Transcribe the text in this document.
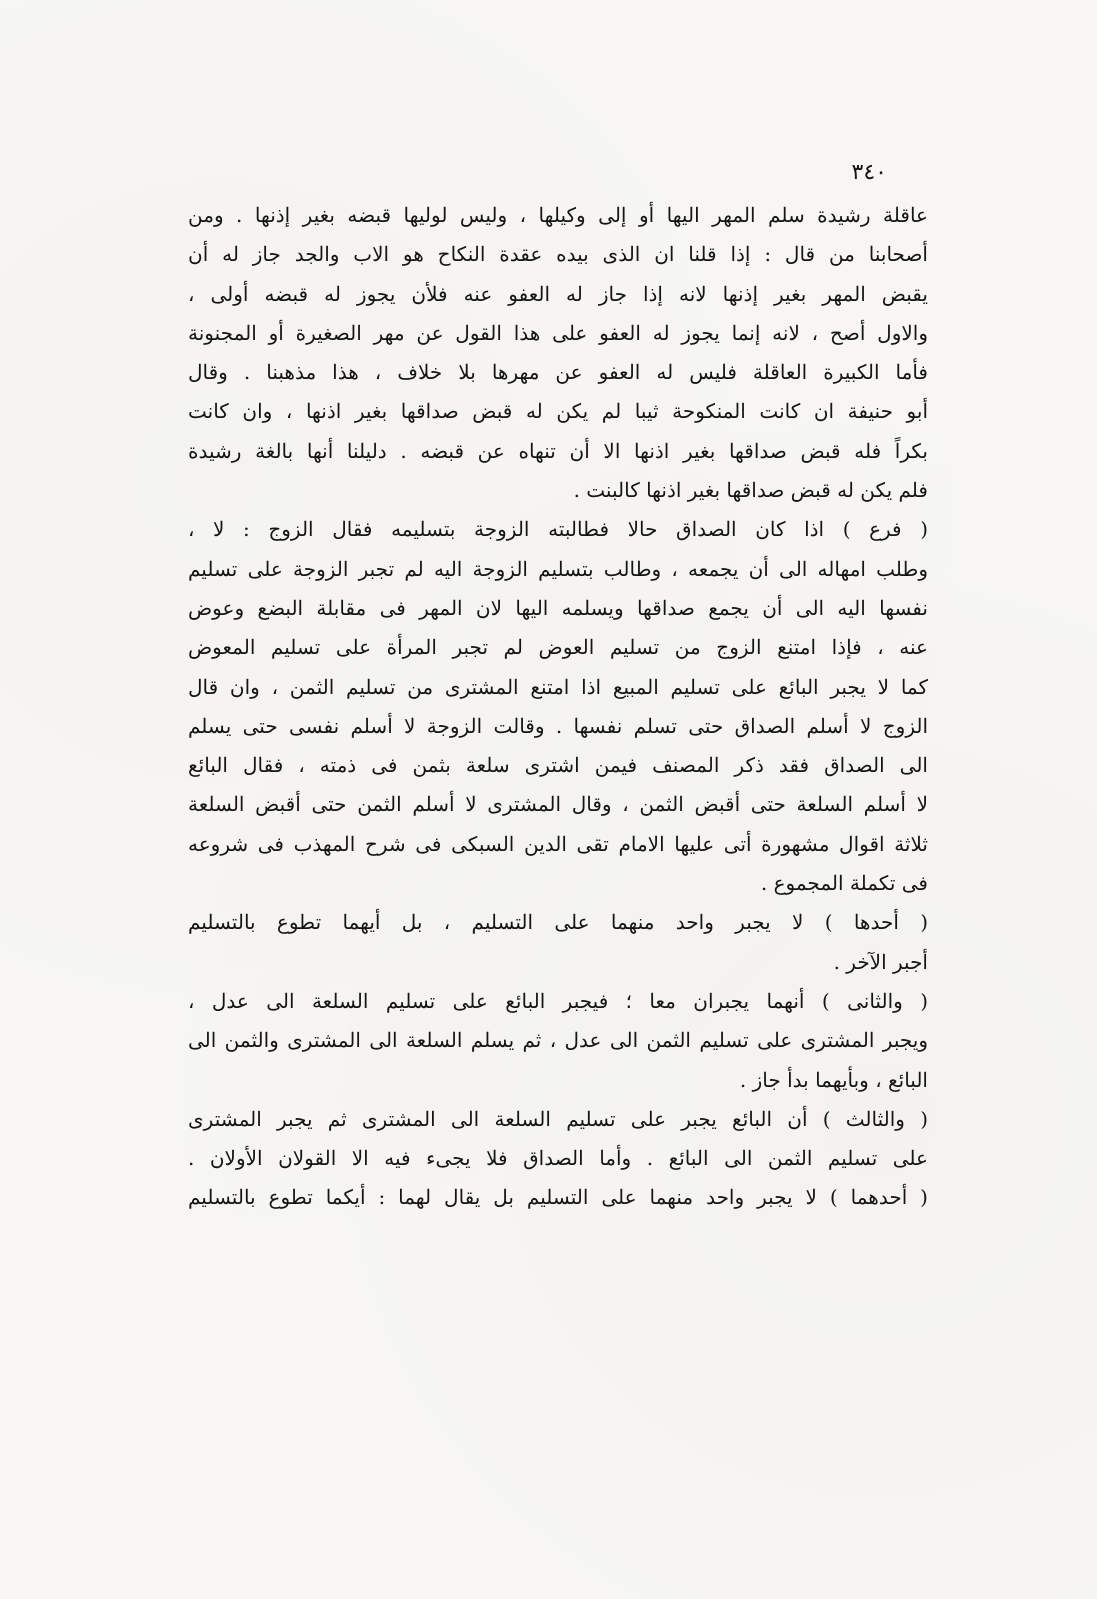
٣٤٠
عاقلة رشيدة سلم المهر اليها أو إلى وكيلها ، وليس لوليها قبضه بغير إذنها . ومن
أصحابنا من قال : إذا قلنا ان الذى بيده عقدة النكاح هو الاب والجد جاز له أن
يقبض المهر بغير إذنها لانه إذا جاز له العفو عنه فلأن يجوز له قبضه أولى ،
والاول أصح ، لانه إنما يجوز له العفو على هذا القول عن مهر الصغيرة أو المجنونة
فأما الكبيرة العاقلة فليس له العفو عن مهرها بلا خلاف ، هذا مذهبنا . وقال
أبو حنيفة ان كانت المنكوحة ثيبا لم يكن له قبض صداقها بغير اذنها ، وان كانت
بكراً فله قبض صداقها بغير اذنها الا أن تنهاه عن قبضه . دليلنا أنها بالغة رشيدة
فلم يكن له قبض صداقها بغير اذنها كالبنت .
( فرع ) اذا كان الصداق حالا فطالبته الزوجة بتسليمه فقال الزوج : لا ،
وطلب امهاله الى أن يجمعه ، وطالب بتسليم الزوجة اليه لم تجبر الزوجة على تسليم
نفسها اليه الى أن يجمع صداقها ويسلمه اليها لان المهر فى مقابلة البضع وعوض
عنه ، فإذا امتنع الزوج من تسليم العوض لم تجبر المرأة على تسليم المعوض
كما لا يجبر البائع على تسليم المبيع اذا امتنع المشترى من تسليم الثمن ، وان قال
الزوج لا أسلم الصداق حتى تسلم نفسها . وقالت الزوجة لا أسلم نفسى حتى يسلم
الى الصداق فقد ذكر المصنف فيمن اشترى سلعة بثمن فى ذمته ، فقال البائع
لا أسلم السلعة حتى أقبض الثمن ، وقال المشترى لا أسلم الثمن حتى أقبض السلعة
ثلاثة اقوال مشهورة أتى عليها الامام تقى الدين السبكى فى شرح المهذب فى شروعه
فى تكملة المجموع .
( أحدها ) لا يجبر واحد منهما على التسليم ، بل أيهما تطوع بالتسليم
أجبر الآخر .
( والثانى ) أنهما يجبران معا ؛ فيجبر البائع على تسليم السلعة الى عدل ،
ويجبر المشترى على تسليم الثمن الى عدل ، ثم يسلم السلعة الى المشترى والثمن الى
البائع ، وبأيهما بدأ جاز .
( والثالث ) أن البائع يجبر على تسليم السلعة الى المشترى ثم يجبر المشترى
على تسليم الثمن الى البائع . وأما الصداق فلا يجىء فيه الا القولان الأولان .
( أحدهما ) لا يجبر واحد منهما على التسليم بل يقال لهما : أيكما تطوع بالتسليم
